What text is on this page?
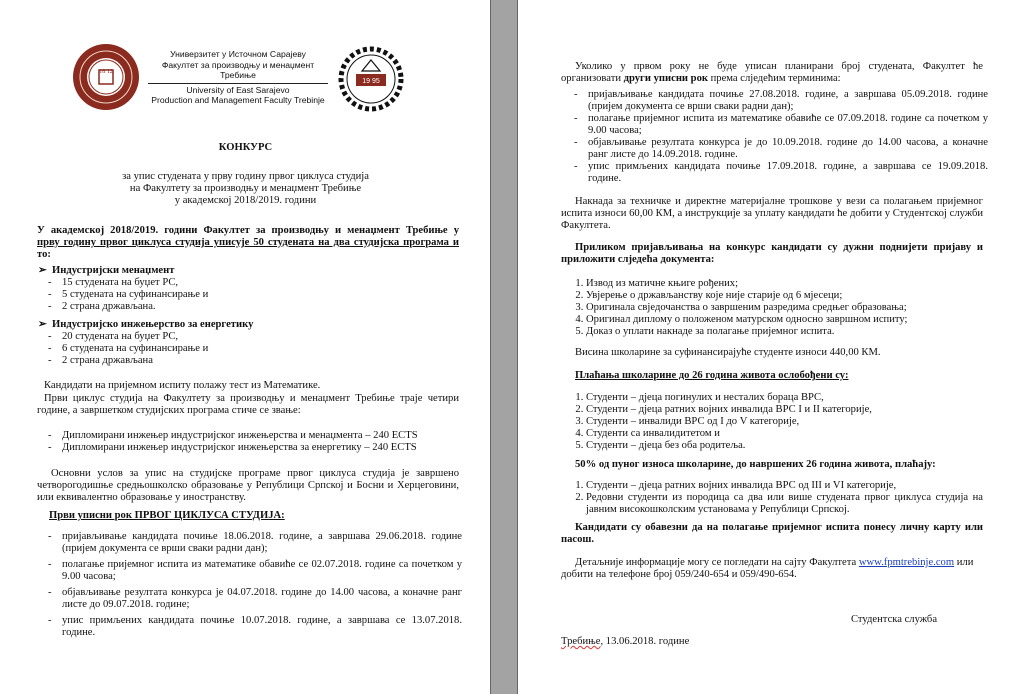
18 12
Универзитет у Источном Сарајеву
Факултет за производњу и менаџмент Требиње
University of East Sarajevo
Production and Management Faculty Trebinje
19 95
КОНКУРС
за упис студената у прву годину првог циклуса студија
на Факултету за производњу и менаџмент Требиње
у академској 2018/2019. години
У академској 2018/2019. години Факултет за производњу и менаџмент Требиње у
прву годину првог циклуса студија уписује 50 студената на два студијска програма и
то:
➢ Индустријски менаџмент
- 15 студената на буџет РС,
- 5 студената на суфинансирање и
- 2 страна држављана.
➢ Индустријско инжењерство за енергетику
- 20 студената на буџет РС,
- 6 студената на суфинансирање и
- 2 страна држављана
Кандидати на пријемном испиту полажу тест из Математике.
Први циклус студија на Факултету за производњу и менаџмент Требиње траје четири
године, а завршетком студијских програма стиче се звање:
- Дипломирани инжењер индустријског инжењерства и менаџмента – 240 ECTS
- Дипломирани инжењер индустријског инжењерства за енергетику – 240 ECTS
Основни услов за упис на студијске програме првог циклуса студија је завршено
четворогодишње средњошколско образовање у Републици Српској и Босни и Херцеговини,
или еквивалентно образовање у иностранству.
Први уписни рок ПРВОГ ЦИКЛУСА СТУДИЈА:
- пријављивање кандидата почиње 18.06.2018. године, а завршава 29.06.2018. године
(пријем документа се врши сваки радни дан);
- полагање пријемног испита из математике обавиће се 02.07.2018. године са почетком у
9.00 часова;
- објављивање резултата конкурса је 04.07.2018. године до 14.00 часова, а коначне ранг
листе до 09.07.2018. године;
- упис примљених кандидата почиње 10.07.2018. године, а завршава се 13.07.2018.
године.
Уколико у првом року не буде уписан планирани број студената, Факултет ће
организовати други уписни рок према слjедећим терминима:
- пријављивање кандидата почиње 27.08.2018. године, а завршава 05.09.2018. године
(пријем документа се врши сваки радни дан);
- полагање пријемног испита из математике обавиће се 07.09.2018. године са почетком у
9.00 часова;
- објављивање резултата конкурса је до 10.09.2018. године до 14.00 часова, а коначне
ранг листе до 14.09.2018. године.
- упис примљених кандидата почиње 17.09.2018. године, а завршава се 19.09.2018.
године.
Накнада за техничке и директне материјалне трошкове у вези са полагањем пријемног
испита износи 60,00 КМ, а инструкције за уплату кандидати ће добити у Студентској служби
Факултета.
Приликом пријављивања на конкурс кандидати су дужни поднијети пријаву и
приложити слједећа документа:
1. Извод из матичне књиге рођених;
2. Увјерење о држављанству које није старије од 6 мјесеци;
3. Оригинала свједочанства о завршеним разредима средњег образовања;
4. Оригинал диплому о положеном матурском односно завршном испиту;
5. Доказ о уплати накнаде за полагање пријемног испита.
Висина школарине за суфинансирајуће студенте износи 440,00 КМ.
Плаћања школарине до 26 година живота ослобођени су:
1. Студенти – дјеца погинулих и несталих бораца ВРС,
2. Студенти – дјеца ратних војних инвалида ВРС I и II категорије,
3. Студенти – инвалиди ВРС од I до V категорије,
4. Студенти са инвалидитетом и
5. Студенти – дјеца без оба родитеља.
50% од пуног износа школарине, до навршених 26 година живота, плаћају:
1. Студенти – дјеца ратних војних инвалида ВРС од III и VI категорије,
2. Редовни студенти из породица са два или више студената првог циклуса студија на
јавним високошколским установама у Републици Српској.
Кандидати су обавезни да на полагање пријемног испита понесу личну карту или
пасош.
Детаљније информације могу се погледати на сајту Факултета www.fpmtrebinje.com или
добити на телефоне број 059/240-654 и 059/490-654.
Студентска служба
Требиње, 13.06.2018. године
